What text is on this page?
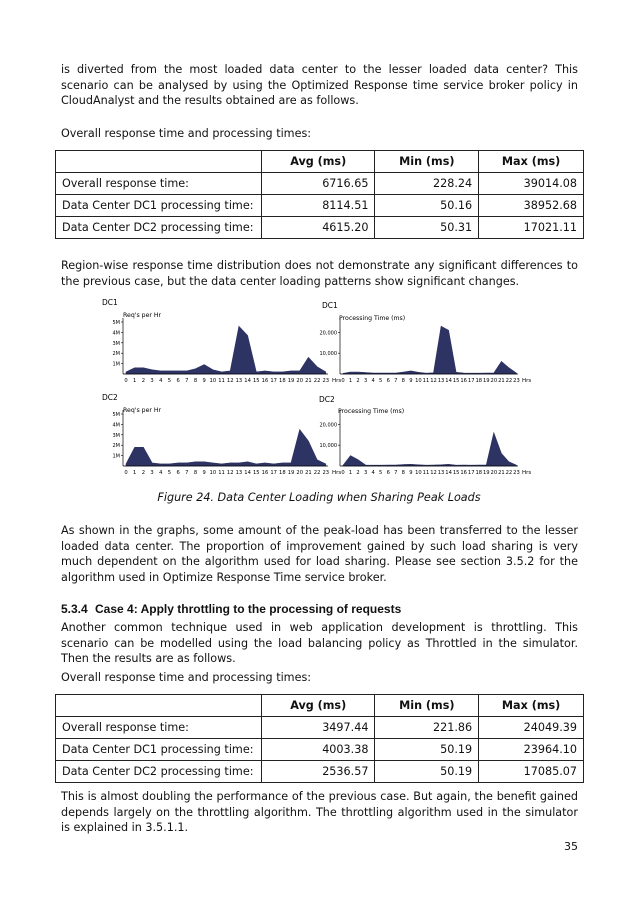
is diverted from the most loaded data center to the lesser loaded data center? This scenario can be analysed by using the Optimized Response time service broker policy in CloudAnalyst and the results obtained are as follows.

Overall response time and processing times:

	Avg (ms)	Min (ms)	Max (ms)
Overall response time:	6716.65	228.24	39014.08
Data Center DC1 processing time:	8114.51	50.16	38952.68
Data Center DC2 processing time:	4615.20	50.31	17021.11

Region-wise response time distribution does not demonstrate any significant differences to the previous case, but the data center loading patterns show significant changes.

DC1
Req's per Hr
5M
4M
3M
2M
1M
0 1 2 3 4 5 6 7 8 9 10 11 12 13 14 15 16 17 18 19 20 21 22 23 Hrs
DC1
Processing Time (ms)
20,000
10,000
0 1 2 3 4 5 6 7 8 9 10 11 12 13 14 15 16 17 18 19 20 21 22 23 Hrs
DC2
Req's per Hr
5M
4M
3M
2M
1M
0 1 2 3 4 5 6 7 8 9 10 11 12 13 14 15 16 17 18 19 20 21 22 23 Hrs
DC2
Processing Time (ms)
20,000
10,000
0 1 2 3 4 5 6 7 8 9 10 11 12 13 14 15 16 17 18 19 20 21 22 23 Hrs
Figure 24. Data Center Loading when Sharing Peak Loads

As shown in the graphs, some amount of the peak-load has been transferred to the lesser loaded data center. The proportion of improvement gained by such load sharing is very much dependent on the algorithm used for load sharing. Please see section 3.5.2 for the algorithm used in Optimize Response Time service broker.

5.3.4 Case 4: Apply throttling to the processing of requests

Another common technique used in web application development is throttling. This scenario can be modelled using the load balancing policy as Throttled in the simulator. Then the results are as follows.

Overall response time and processing times:

	Avg (ms)	Min (ms)	Max (ms)
Overall response time:	3497.44	221.86	24049.39
Data Center DC1 processing time:	4003.38	50.19	23964.10
Data Center DC2 processing time:	2536.57	50.19	17085.07

This is almost doubling the performance of the previous case. But again, the benefit gained depends largely on the throttling algorithm. The throttling algorithm used in the simulator is explained in 3.5.1.1.

35
